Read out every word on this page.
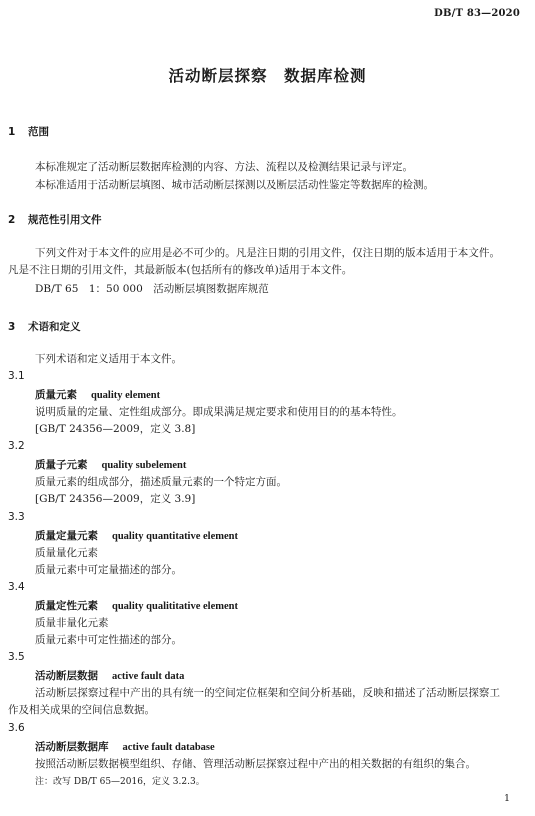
DB/T 83—2020
活动断层探察　数据库检测
1 范围
本标准规定了活动断层数据库检测的内容、方法、流程以及检测结果记录与评定。
本标准适用于活动断层填图、城市活动断层探测以及断层活动性鉴定等数据库的检测。
2 规范性引用文件
下列文件对于本文件的应用是必不可少的。凡是注日期的引用文件，仅注日期的版本适用于本文件。凡是不注日期的引用文件，其最新版本(包括所有的修改单)适用于本文件。
DB/T 65　1：50 000　活动断层填图数据库规范
3 术语和定义
下列术语和定义适用于本文件。
3.1
质量元素 quality element
说明质量的定量、定性组成部分。即成果满足规定要求和使用目的的基本特性。
[GB/T 24356—2009，定义 3.8]
3.2
质量子元素 quality subelement
质量元素的组成部分，描述质量元素的一个特定方面。
[GB/T 24356—2009，定义 3.9]
3.3
质量定量元素 quality quantitative element
质量量化元素
质量元素中可定量描述的部分。
3.4
质量定性元素 quality qualititative element
质量非量化元素
质量元素中可定性描述的部分。
3.5
活动断层数据 active fault data
活动断层探察过程中产出的具有统一的空间定位框架和空间分析基础，反映和描述了活动断层探察工作及相关成果的空间信息数据。
3.6
活动断层数据库 active fault database
按照活动断层数据模型组织、存储、管理活动断层探察过程中产出的相关数据的有组织的集合。
注：改写 DB/T 65—2016，定义 3.2.3。
1
